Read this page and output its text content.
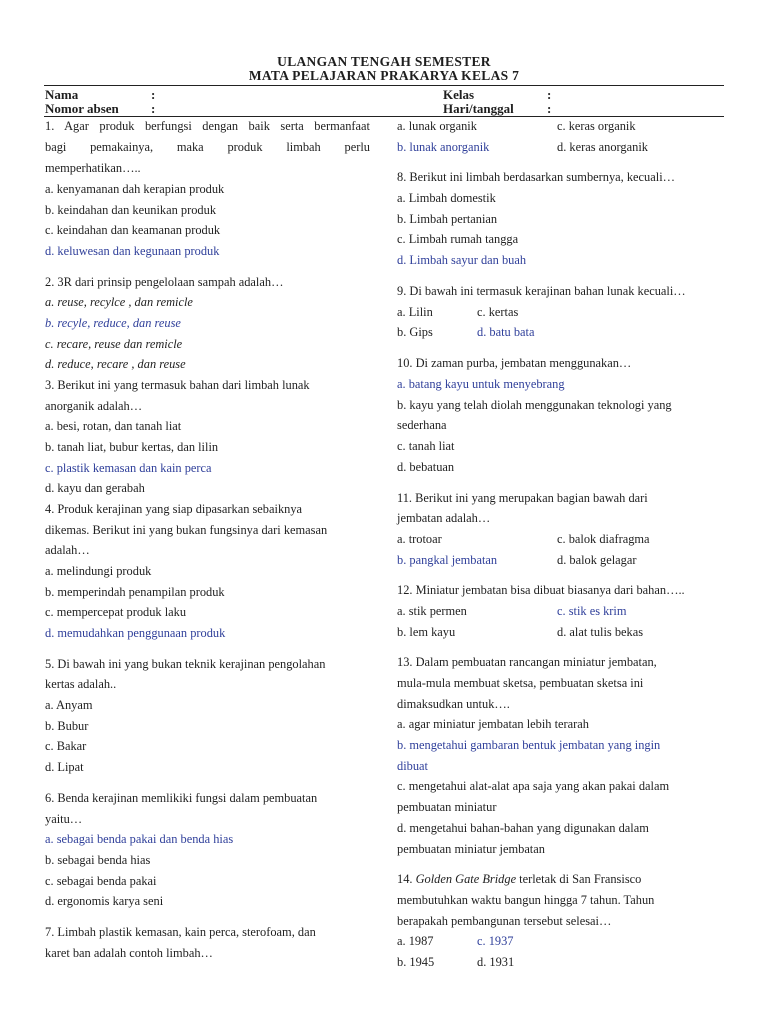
ULANGAN TENGAH SEMESTER
MATA PELAJARAN PRAKARYA KELAS 7
Nama	:	Kelas	:
Nomor absen :	Hari/tanggal	:
1. Agar produk berfungsi dengan baik serta bermanfaat
bagi pemakainya, maka produk limbah perlu
memperhatikan…..
a. kenyamanan dah kerapian produk
b. keindahan dan keunikan produk
c. keindahan dan keamanan produk
d. keluwesan dan kegunaan produk
2. 3R dari prinsip pengelolaan sampah adalah…
a. reuse, recylce , dan remicle
b. recyle, reduce, dan reuse
c. recare, reuse dan remicle
d. reduce, recare , dan reuse
3. Berikut ini yang termasuk bahan dari limbah lunak
anorganik adalah…
a. besi, rotan, dan tanah liat
b. tanah liat, bubur kertas, dan lilin
c. plastik kemasan dan kain perca
d. kayu dan gerabah
4. Produk kerajinan yang siap dipasarkan sebaiknya
dikemas. Berikut ini yang bukan fungsinya dari kemasan
adalah…
a. melindungi produk
b. memperindah penampilan produk
c. mempercepat produk laku
d. memudahkan penggunaan produk
5. Di bawah ini yang bukan teknik kerajinan pengolahan
kertas adalah..
a. Anyam
b. Bubur
c. Bakar
d. Lipat
6. Benda kerajinan memlikiki fungsi dalam pembuatan
yaitu…
a. sebagai benda pakai dan benda hias
b. sebagai benda hias
c. sebagai benda pakai
d. ergonomis karya seni
7. Limbah plastik kemasan, kain perca, sterofoam, dan
karet ban adalah contoh limbah…
a. lunak organik	c. keras organik
b. lunak anorganik	d. keras anorganik
8. Berikut ini limbah berdasarkan sumbernya, kecuali…
a. Limbah domestik
b. Limbah pertanian
c. Limbah rumah tangga
d. Limbah sayur dan buah
9. Di bawah ini termasuk kerajinan bahan lunak kecuali…
a. Lilin	c. kertas
b. Gips	d. batu bata
10. Di zaman purba, jembatan menggunakan…
a. batang kayu untuk menyebrang
b. kayu yang telah diolah menggunakan teknologi yang
sederhana
c. tanah liat
d. bebatuan
11. Berikut ini yang merupakan bagian bawah dari
jembatan adalah…
a. trotoar	c. balok diafragma
b. pangkal jembatan	d. balok gelagar
12. Miniatur jembatan bisa dibuat biasanya dari bahan…..
a. stik permen	c. stik es krim
b. lem kayu	d. alat tulis bekas
13. Dalam pembuatan rancangan miniatur jembatan,
mula-mula membuat sketsa, pembuatan sketsa ini
dimaksudkan untuk….
a. agar miniatur jembatan lebih terarah
b. mengetahui gambaran bentuk jembatan yang ingin
dibuat
c. mengetahui alat-alat apa saja yang akan pakai dalam
pembuatan miniatur
d. mengetahui bahan-bahan yang digunakan dalam
pembuatan miniatur jembatan
14. Golden Gate Bridge terletak di San Fransisco
membutuhkan waktu bangun hingga 7 tahun. Tahun
berapakah pembangunan tersebut selesai…
a. 1987	c. 1937
b. 1945	d. 1931
